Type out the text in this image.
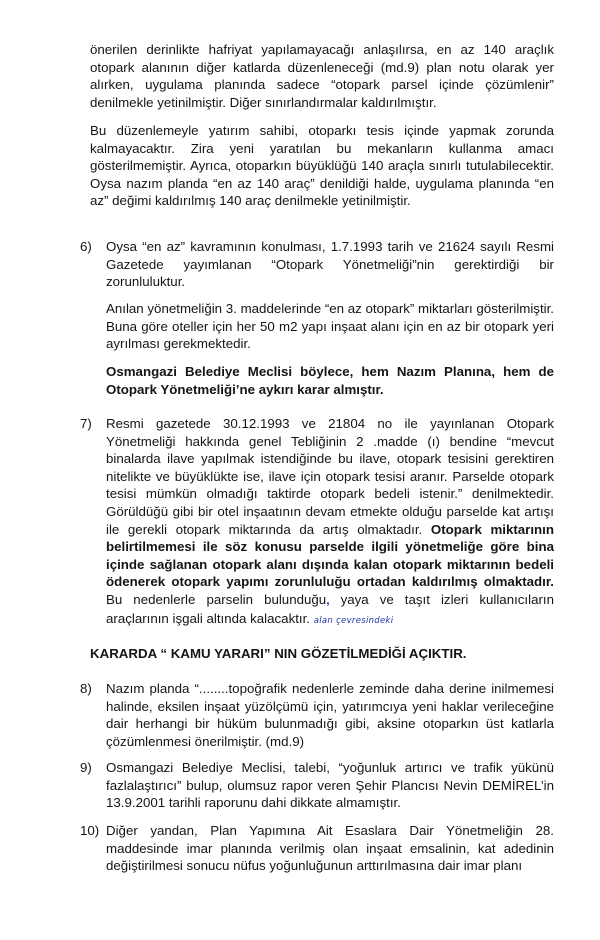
önerilen derinlikte hafriyat yapılamayacağı anlaşılırsa, en az 140 araçlık otopark alanının diğer katlarda düzenleneceği (md.9) plan notu olarak yer alırken, uygulama planında sadece “otopark parsel içinde çözümlenir” denilmekle yetinilmiştir. Diğer sınırlandırmalar kaldırılmıştır.
Bu düzenlemeyle yatırım sahibi, otoparkı tesis içinde yapmak zorunda kalmayacaktır. Zira yeni yaratılan bu mekanların kullanma amacı gösterilmemiştir. Ayrıca, otoparkın büyüklüğü 140 araçla sınırlı tutulabilecektir. Oysa nazım planda “en az 140 araç” denildiği halde, uygulama planında “en az” değimi kaldırılmış 140 araç denilmekle yetinilmiştir.
6) Oysa “en az” kavramının konulması, 1.7.1993 tarih ve 21624 sayılı Resmi Gazetede yayımlanan “Otopark Yönetmeliği”nin gerektirdiği bir zorunluluktur.
Anılan yönetmeliğin 3. maddelerinde “en az otopark” miktarları gösterilmiştir. Buna göre oteller için her 50 m2 yapı inşaat alanı için en az bir otopark yeri ayrılması gerekmektedir.
Osmangazi Belediye Meclisi böylece, hem Nazım Planına, hem de Otopark Yönetmeliği’ne aykırı karar almıştır.
7) Resmi gazetede 30.12.1993 ve 21804 no ile yayınlanan Otopark Yönetmeliği hakkında genel Tebliğinin 2 .madde (ı) bendine “mevcut binalarda ilave yapılmak istendiğinde bu ilave, otopark tesisini gerektiren nitelikte ve büyüklükte ise, ilave için otopark tesisi aranır. Parselde otopark tesisi mümkün olmadığı taktirde otopark bedeli istenir.” denilmektedir. Görüldüğü gibi bir otel inşaatının devam etmekte olduğu parselde kat artışı ile gerekli otopark miktarında da artış olmaktadır. Otopark miktarının belirtilmemesi ile söz konusu parselde ilgili yönetmeliğe göre bina içinde sağlanan otopark alanı dışında kalan otopark miktarının bedeli ödenerek otopark yapımı zorunluluğu ortadan kaldırılmış olmaktadır. Bu nedenlerle parselin bulunduğu, yaya ve taşıt izleri kullanıcıların araçlarının işgali altında kalacaktır. alan çevresindeki
KARARDA “ KAMU YARARI” NIN GÖZETİLMEDİĞİ AÇIKTIR.
8) Nazım planda “........topoğrafik nedenlerle zeminde daha derine inilmemesi halinde, eksilen inşaat yüzölçümü için, yatırımcıya yeni haklar verileceğine dair herhangi bir hüküm bulunmadığı gibi, aksine otoparkın üst katlarla çözümlenmesi önerilmiştir. (md.9)
9) Osmangazi Belediye Meclisi, talebi, “yoğunluk artırıcı ve trafik yükünü fazlalaştırıcı” bulup, olumsuz rapor veren Şehir Plancısı Nevin DEMİREL’in 13.9.2001 tarihli raporunu dahi dikkate almamıştır.
10) Diğer yandan, Plan Yapımına Ait Esaslara Dair Yönetmeliğin 28. maddesinde imar planında verilmiş olan inşaat emsalinin, kat adedinin değiştirilmesi sonucu nüfus yoğunluğunun arttırılmasına dair imar planı
